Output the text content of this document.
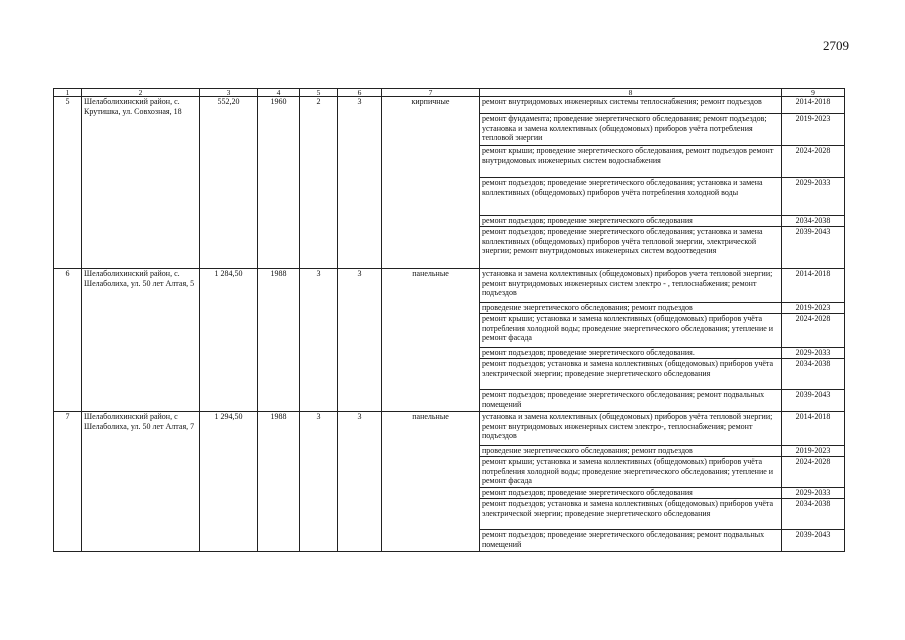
2709
1	2	3	4	5	6	7	8	9
5	Шелаболихинский район, с. Крутишка, ул. Совхозная, 18	552,20	1960	2	3	кирпичные	ремонт внутридомовых инженерных системы теплоснабжения; ремонт подъездов	2014-2018
							ремонт фундамента; проведение энергетического обследования; ремонт подъездов; установка и замена коллективных (общедомовых) приборов учёта потребления тепловой энергии	2019-2023
							ремонт крыши; проведение энергетического обследования, ремонт подъездов ремонт внутридомовых инженерных систем водоснабжения	2024-2028
							ремонт подъездов; проведение энергетического обследования; установка и замена коллективных (общедомовых) приборов учёта потребления холодной воды	2029-2033
							ремонт подъездов; проведение энергетического обследования	2034-2038
							ремонт подъездов; проведение энергетического обследования; установка и замена коллективных (общедомовых) приборов учёта тепловой энергии, электрической энергии; ремонт внутридомовых инженерных систем водоотведения	2039-2043
6	Шелаболихинский район, с. Шелаболиха, ул. 50 лет Алтая, 5	1 284,50	1988	3	3	панельные	установка и замена коллективных (общедомовых) приборов учета тепловой энергии; ремонт внутридомовых инженерных систем электро - , теплоснабжения; ремонт подъездов	2014-2018
							проведение энергетического обследования; ремонт подъездов	2019-2023
							ремонт крыши; установка и замена коллективных (общедомовых) приборов учёта потребления холодной воды; проведение энергетического обследования; утепление и ремонт фасада	2024-2028
							ремонт подъездов; проведение энергетического обследования.	2029-2033
							ремонт подъездов; установка и замена коллективных (общедомовых) приборов учёта электрической энергии; проведение энергетического обследования	2034-2038
							ремонт подъездов; проведение энергетического обследования; ремонт подвальных помещений	2039-2043
7	Шелаболихинский район, с Шелаболиха, ул. 50 лет Алтая, 7	1 294,50	1988	3	3	панельные	установка и замена коллективных (общедомовых) приборов учёта тепловой энергии; ремонт внутридомовых инженерных систем электро-, теплоснабжения; ремонт подъездов	2014-2018
							проведение энергетического обследования; ремонт подъездов	2019-2023
							ремонт крыши; установка и замена коллективных (общедомовых) приборов учёта потребления холодной воды; проведение энергетического обследования; утепление и ремонт фасада	2024-2028
							ремонт подъездов; проведение энергетического обследования	2029-2033
							ремонт подъездов; установка и замена коллективных (общедомовых) приборов учёта электрической энергии; проведение энергетического обследования	2034-2038
							ремонт подъездов; проведение энергетического обследования; ремонт подвальных помещений	2039-2043
